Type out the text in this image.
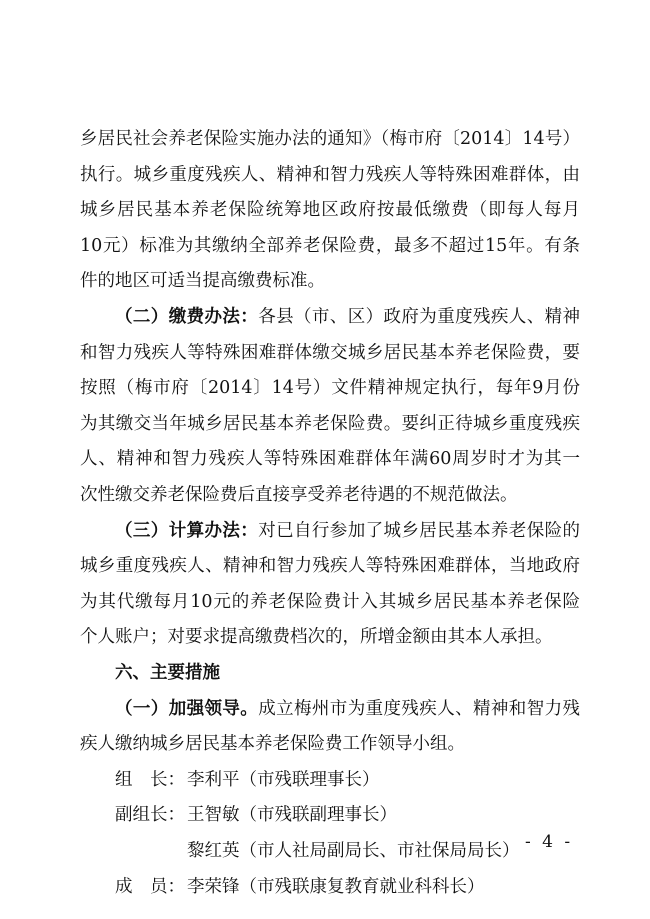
乡居民社会养老保险实施办法的通知》（梅市府〔2014〕14号）
执行。城乡重度残疾人、精神和智力残疾人等特殊困难群体，由
城乡居民基本养老保险统筹地区政府按最低缴费（即每人每月
10元）标准为其缴纳全部养老保险费，最多不超过15年。有条
件的地区可适当提高缴费标准。
（二）缴费办法：各县（市、区）政府为重度残疾人、精神
和智力残疾人等特殊困难群体缴交城乡居民基本养老保险费，要
按照（梅市府〔2014〕14号）文件精神规定执行，每年9月份
为其缴交当年城乡居民基本养老保险费。要纠正待城乡重度残疾
人、精神和智力残疾人等特殊困难群体年满60周岁时才为其一
次性缴交养老保险费后直接享受养老待遇的不规范做法。
（三）计算办法：对已自行参加了城乡居民基本养老保险的
城乡重度残疾人、精神和智力残疾人等特殊困难群体，当地政府
为其代缴每月10元的养老保险费计入其城乡居民基本养老保险
个人账户；对要求提高缴费档次的，所增金额由其本人承担。
六、主要措施
（一）加强领导。成立梅州市为重度残疾人、精神和智力残
疾人缴纳城乡居民基本养老保险费工作领导小组。
组　长： 李利平（市残联理事长）
副组长： 王智敏（市残联副理事长）
黎红英（市人社局副局长、市社保局局长）
成　员： 李荣锋（市残联康复教育就业科科长）
- 4 -
